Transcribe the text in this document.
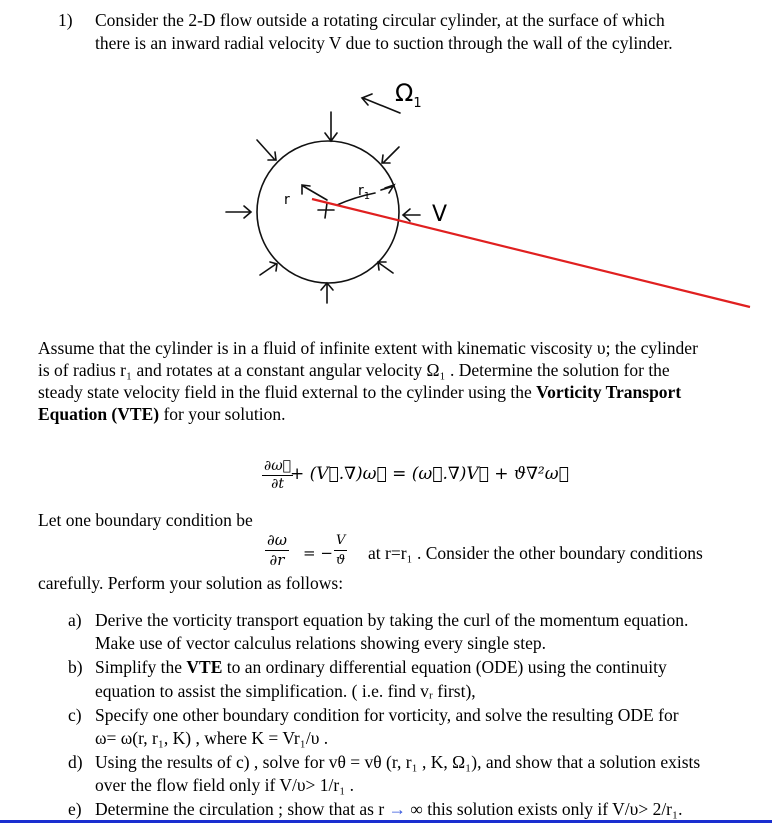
1) Consider the 2-D flow outside a rotating circular cylinder, at the surface of which
there is an inward radial velocity V due to suction through the wall of the cylinder.
$\Omega_1$
r
$r_1$
V
Assume that the cylinder is in a fluid of infinite extent with kinematic viscosity υ; the cylinder
is of radius r₁ and rotates at a constant angular velocity Ω₁ . Determine the solution for the
steady state velocity field in the fluid external to the cylinder using the Vorticity Transport
Equation (VTE) for your solution.
$\frac{\partial\omega⃗}{\partial t}$
+ (V⃗.∇)ω⃗ = (ω⃗.∇)V⃗ + ϑ∇²ω⃗
Let one boundary condition be
$\frac{\partial\omega}{\partial r}$ = − $\frac{V}{ϑ}$ at r=r₁ . Consider the other boundary conditions
carefully. Perform your solution as follows:
a) Derive the vorticity transport equation by taking the curl of the momentum equation.
Make use of vector calculus relations showing every single step.
b) Simplify the VTE to an ordinary differential equation (ODE) using the continuity
equation to assist the simplification. ( i.e. find vᵣ first),
c) Specify one other boundary condition for vorticity, and solve the resulting ODE for
ω= ω(r, r₁, K) , where K = Vr₁/υ .
d) Using the results of c) , solve for vθ = vθ (r, r₁ , K, Ω₁), and show that a solution exists
over the flow field only if V/υ> 1/r₁ .
e) Determine the circulation ; show that as r → ∞ this solution exists only if V/υ> 2/r₁.
